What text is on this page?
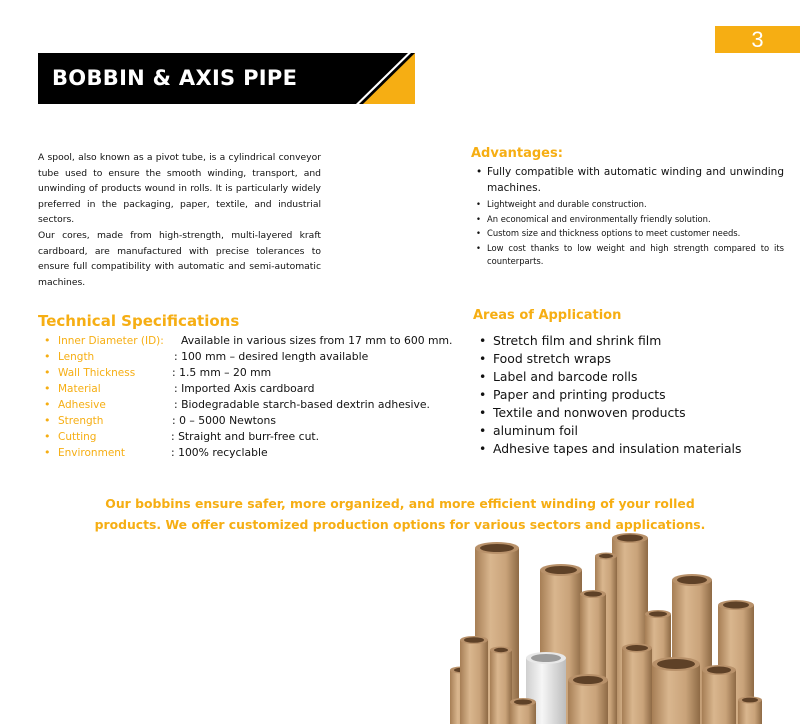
3
BOBBIN & AXIS PIPE

A spool, also known as a pivot tube, is a cylindrical conveyor tube used to ensure the smooth winding, transport, and unwinding of products wound in rolls. It is particularly widely preferred in the packaging, paper, textile, and industrial sectors.

Our cores, made from high-strength, multi-layered kraft cardboard, are manufactured with precise tolerances to ensure full compatibility with automatic and semi-automatic machines.

Advantages:
• Fully compatible with automatic winding and unwinding machines.
• Lightweight and durable construction.
• An economical and environmentally friendly solution.
• Custom size and thickness options to meet customer needs.
• Low cost thanks to low weight and high strength compared to its counterparts.
Technical Specifications
• Inner Diameter (ID): Available in various sizes from 17 mm to 600 mm.
• Length	: 100 mm – desired length available
• Wall Thickness	: 1.5 mm – 20 mm
• Material	: Imported Axis cardboard
• Adhesive	: Biodegradable starch-based dextrin adhesive.
• Strength	: 0 – 5000 Newtons
• Cutting	: Straight and burr-free cut.
• Environment	: 100% recyclable
Areas of Application
• Stretch film and shrink film
• Food stretch wraps
• Label and barcode rolls
• Paper and printing products
• Textile and nonwoven products
• aluminum foil
• Adhesive tapes and insulation materials
Our bobbins ensure safer, more organized, and more efficient winding of your rolled
products. We offer customized production options for various sectors and applications.
